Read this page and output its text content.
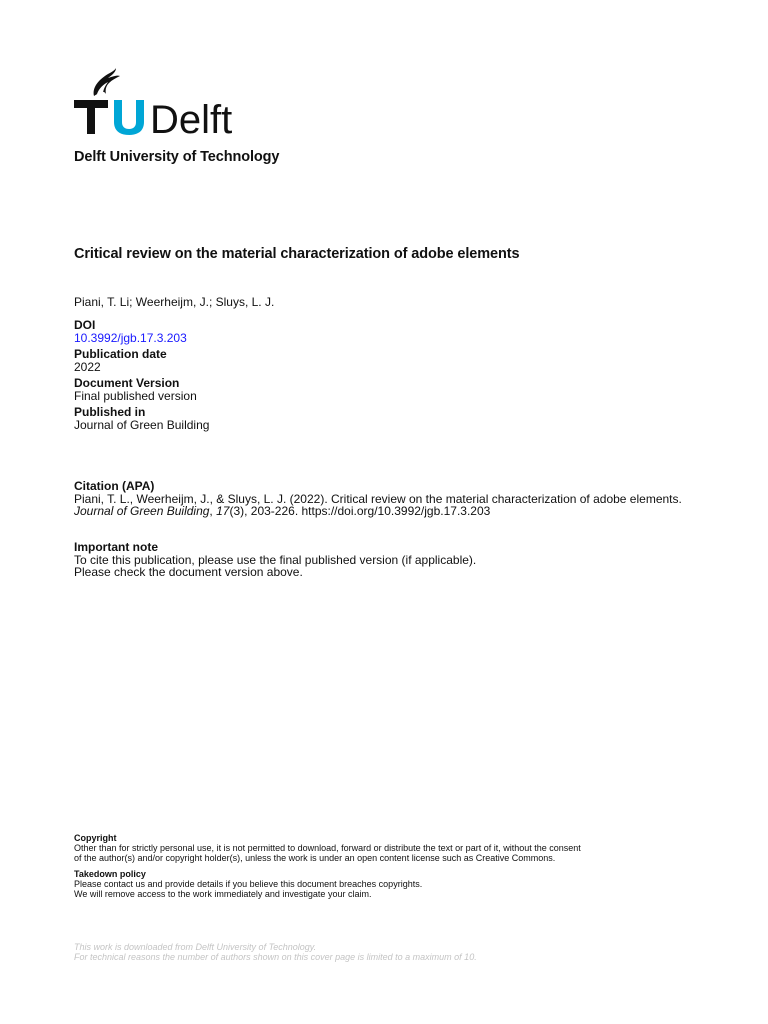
Delft
Delft University of Technology
Critical review on the material characterization of adobe elements
Piani, T. Li; Weerheijm, J.; Sluys, L. J.
DOI
10.3992/jgb.17.3.203
Publication date
2022
Document Version
Final published version
Published in
Journal of Green Building
Citation (APA)
Piani, T. L., Weerheijm, J., & Sluys, L. J. (2022). Critical review on the material characterization of adobe elements. Journal of Green Building, 17(3), 203-226. https://doi.org/10.3992/jgb.17.3.203
Important note
To cite this publication, please use the final published version (if applicable).
Please check the document version above.
Copyright
Other than for strictly personal use, it is not permitted to download, forward or distribute the text or part of it, without the consent
of the author(s) and/or copyright holder(s), unless the work is under an open content license such as Creative Commons.
Takedown policy
Please contact us and provide details if you believe this document breaches copyrights.
We will remove access to the work immediately and investigate your claim.
This work is downloaded from Delft University of Technology.
For technical reasons the number of authors shown on this cover page is limited to a maximum of 10.
